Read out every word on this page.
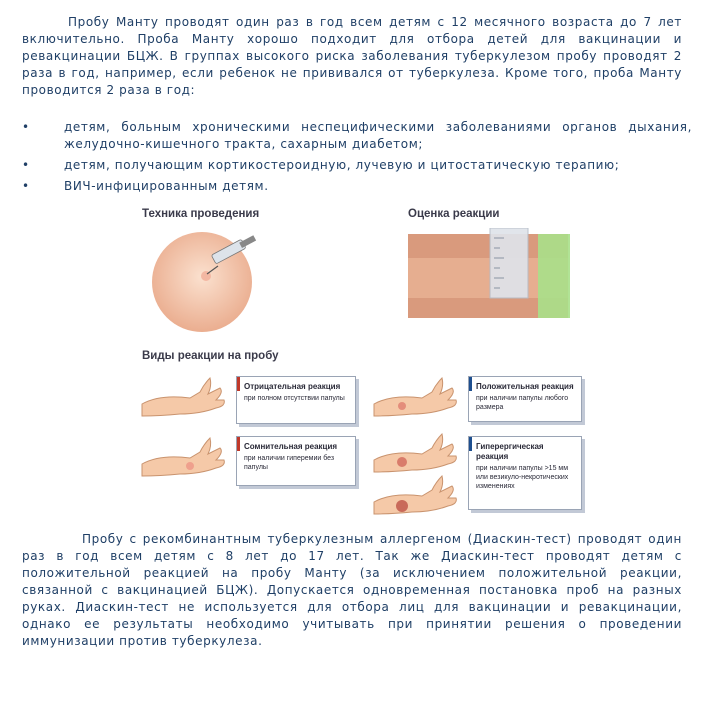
Пробу Манту проводят один раз в год всем детям с 12 месячного возраста до 7 лет включительно. Проба Манту хорошо подходит для отбора детей для вакцинации и ревакцинации БЦЖ. В группах высокого риска заболевания туберкулезом пробу проводят 2 раза в год, например, если ребенок не прививался от туберкулеза. Кроме того, проба Манту проводится 2 раза в год:

•	детям, больным хроническими неспецифическими заболеваниями органов дыхания, желудочно-кишечного тракта, сахарным диабетом;
•	детям, получающим кортикостероидную, лучевую и цитостатическую терапию;
•	ВИЧ-инфицированным детям.

Техника проведения	Оценка реакции

Виды реакции на пробу

Отрицательная реакция
при полном отсутствии папулы
Сомнительная реакция
при наличии гиперемии без папулы
Положительная реакция
при наличии папулы любого размера
Гиперергическая реакция
при наличии папулы >15 мм или везикуло-некротических изменениях

Пробу с рекомбинантным туберкулезным аллергеном (Диаскин-тест) проводят один раз в год всем детям с 8 лет до 17 лет. Так же Диаскин-тест проводят детям с положительной реакцией на пробу Манту (за исключением положительной реакции, связанной с вакцинацией БЦЖ). Допускается одновременная постановка проб на разных руках. Диаскин-тест не используется для отбора лиц для вакцинации и ревакцинации, однако ее результаты необходимо учитывать при принятии решения о проведении иммунизации против туберкулеза.
